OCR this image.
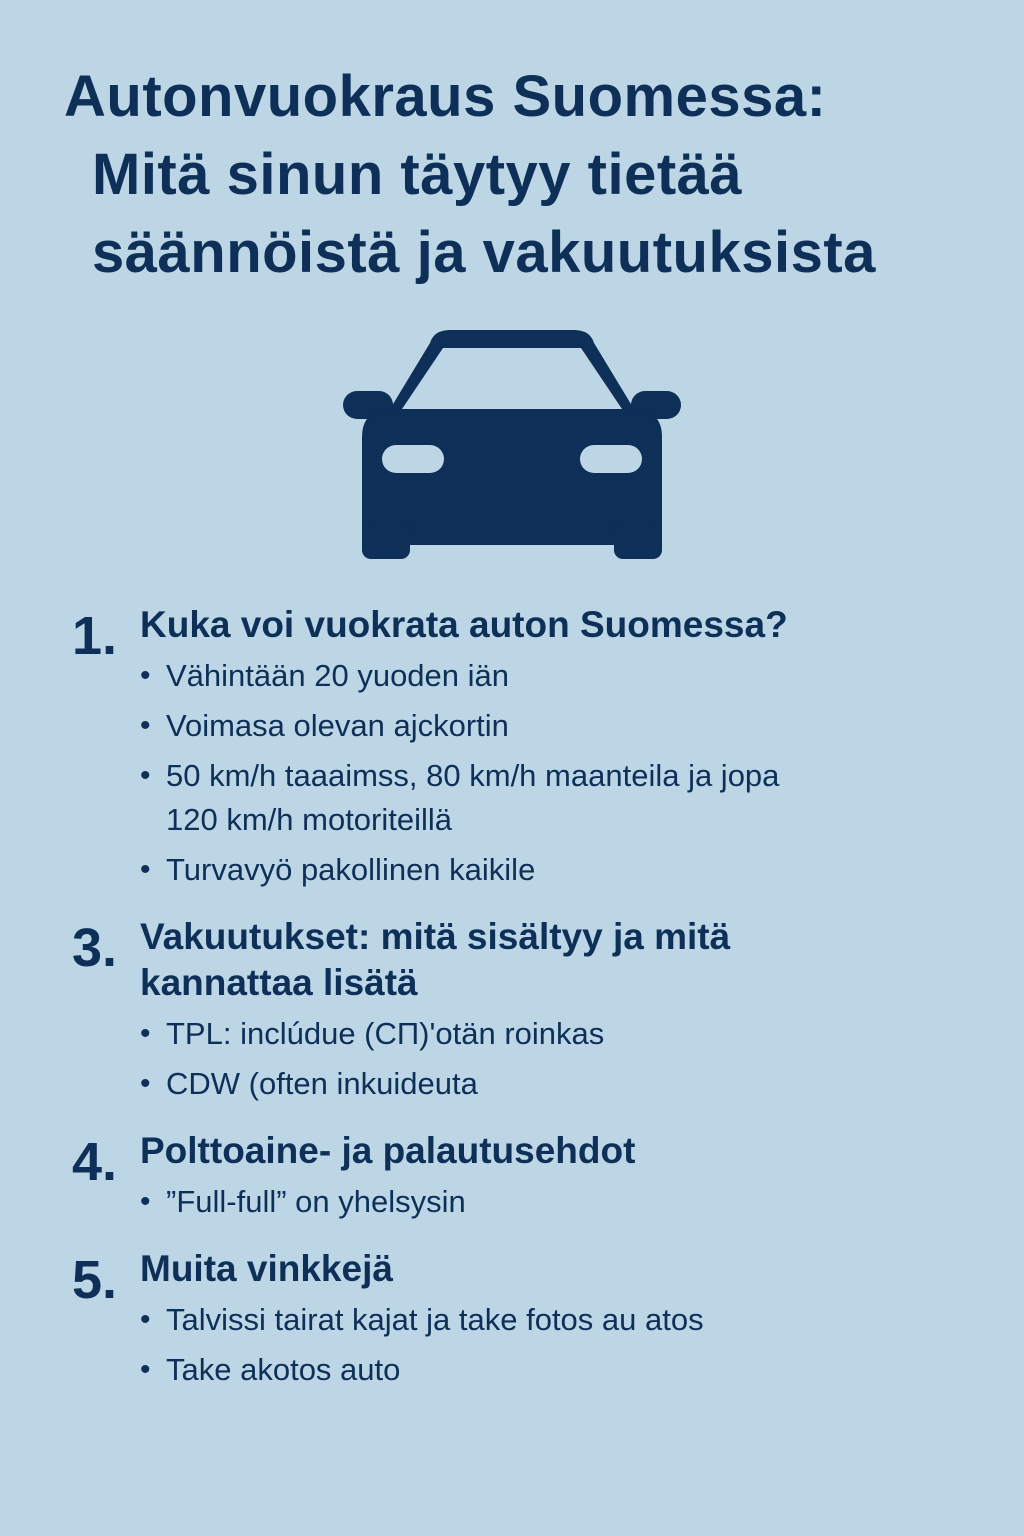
Autonvuokraus Suomessa:
Mitä sinun täytyy tietää
säännöistä ja vakuutuksista
1. Kuka voi vuokrata auton Suomessa?
• Vähintään 20 yuoden iän
• Voimasa olevan ajckortin
• 50 km/h taaaimss, 80 km/h maanteila ja jopa 120 km/h motoriteillä
• Turvavyö pakollinen kaikile
3. Vakuutukset: mitä sisältyy ja mitä kannattaa lisätä
• TPL: inclúdue (CП)'otän roinkas
• CDW (often inkuideuta
4. Polttoaine- ja palautusehdot
• ”Full-full” on yhelsysin
5. Muita vinkkejä
• Talvissi tairat kajat ja take fotos au atos
• Take akotos auto
